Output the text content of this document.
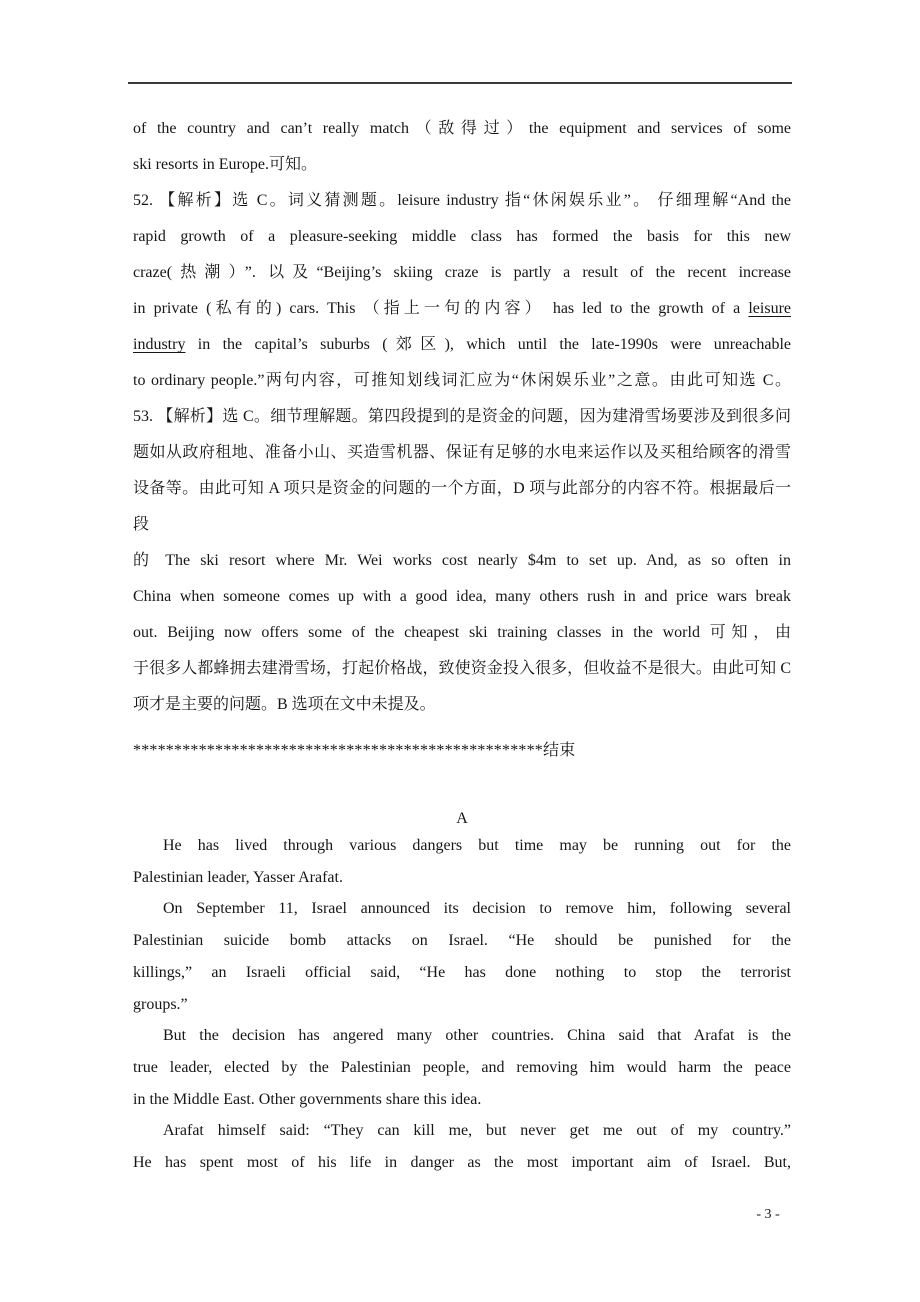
of the country and can’t really match（敌得过）the equipment and services of some
ski resorts in Europe.可知。
52. 【解析】选 C。词义猜测题。leisure industry 指“休闲娱乐业”。 仔细理解“And the
rapid growth of a pleasure-seeking middle class has formed the basis for this new
craze(热潮）”. 以及“Beijing’s skiing craze is partly a result of the recent increase
in private (私有的) cars. This （指上一句的内容） has led to the growth of a leisure
industry in the capital’s suburbs (郊区), which until the late-1990s were unreachable
to ordinary people.”两句内容，可推知划线词汇应为“休闲娱乐业”之意。由此可知选 C。
53. 【解析】选 C。细节理解题。第四段提到的是资金的问题，因为建滑雪场要涉及到很多问
题如从政府租地、准备小山、买造雪机器、保证有足够的水电来运作以及买租给顾客的滑雪
设备等。由此可知 A 项只是资金的问题的一个方面，D 项与此部分的内容不符。根据最后一段
的 The ski resort where Mr. Wei works cost nearly $4m to set up. And, as so often in
China when someone comes up with a good idea, many others rush in and price wars break
out. Beijing now offers some of the cheapest ski training classes in the world 可知，由
于很多人都蜂拥去建滑雪场，打起价格战，致使资金投入很多，但收益不是很大。由此可知 C
项才是主要的问题。B 选项在文中未提及。
**************************************************结束
A
He has lived through various dangers but time may be running out for the
Palestinian leader, Yasser Arafat.
On September 11, Israel announced its decision to remove him, following several
Palestinian suicide bomb attacks on Israel. “He should be punished for the
killings,” an Israeli official said, “He has done nothing to stop the terrorist
groups.”
But the decision has angered many other countries. China said that Arafat is the
true leader, elected by the Palestinian people, and removing him would harm the peace
in the Middle East. Other governments share this idea.
Arafat himself said: “They can kill me, but never get me out of my country.”
He has spent most of his life in danger as the most important aim of Israel. But,
- 3 -
